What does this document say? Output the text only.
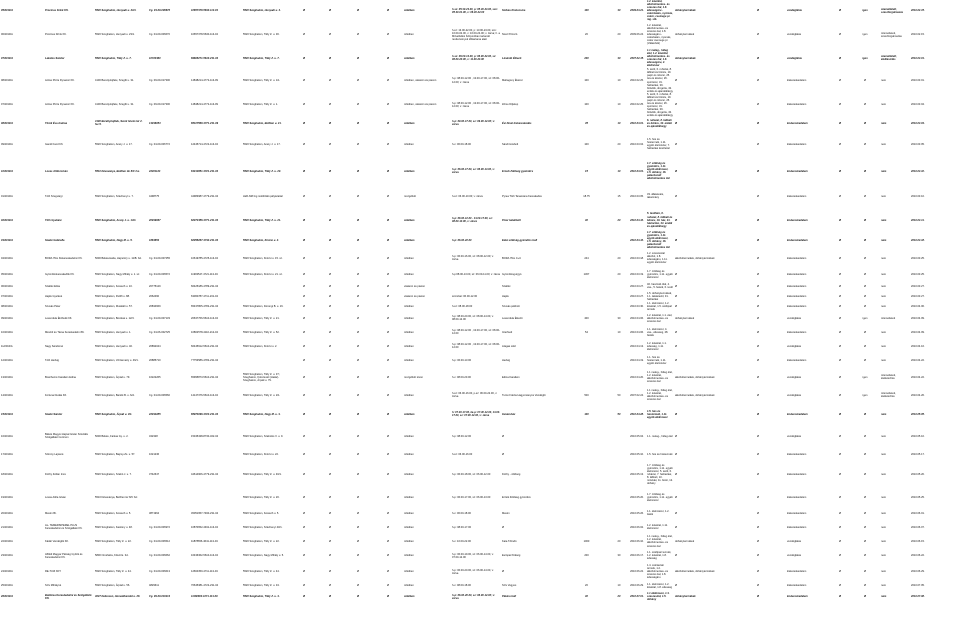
05/2010/A	Procinus Drink Kft.	5520 Szeghalom, Hunyadi u. 23/1.	Cg. 04-09-006670	10657378-5630-113-04	5520 Szeghalom, Hunyadi u. 4.	Ø	Ø	Ø	Ø	üzletben	h-sz: 05.30-23.00, p: 05.30-24.00, szo: 05.30-01.00, v: 06.30-22.00	Szilvás Kisbocsma	100	30	2009.03.21.	1.2. kávéital, alkoholmentes- és szeszes ital, 1.8. édességáru - cukorkaáru, nyomás, cukor, csemege pr. rág. stb.	dohánytermékek	Ø	vendéglátás	Ø	igen	üzemeltetett, szeszforgalmazás	2010.02.15.
06/2010/A	Procinus Drink Kft.	5520 Szeghalom, Hunyadi u. 23/1.	Cg. 04-09-006670	10657378-5630-113-04	5520 Szeghalom, Tildy Z. u. 30.	Ø	Ø	Ø	Ø	üzletben	h-sz: 13.00-22.00, p: 13.00-24.00, szo: 16.00-02.00, v: 16.00-24.00; v. zárva; h. a Művelődési Központban tartandó rendezvények időtartama alatt	Nosz Prinszó	20	20	2009.06.24.	1.2. kávéital, alkoholmentes- és szeszes ital, 1.8. édességáru - cukorkaáru, nyomás, cukor csemege pr. (Választék)	dohánytermékek	Ø	vendéglátás	Ø	igen	üzemeltetett, szeszforgalmazás	2010.02.15.
07/2010/A	Lakatos Sándor	5520 Szeghalom, Tildy Z. u. 7.	10720460	69608271-5610-231-04	5520 Szeghalom, Tildy Z. u. 7.	Ø	Ø	Ø	Ø	üzletben	h-sz: 06.00-14.00, p: 06.00-22.00, sz: 06.00-20.00, v: 11.00-24.00	Lénárdó Étkező	200	30	2007.02.15.	1.1 meleg-, hideg étel, 1.2. kávéital, alkoholmentes- és szeszes ital, 1.8. édességáru, 2. élelmiszer	dohánytermékek	Ø	vendéglátás	Ø	igen	üzemeltetett, ételkészítés	2010.03.01.
08/2010/A	Active Pizza Dynamic Kft.	4100 Berettyóújfalu, Szegfű u. 31.	Cg. 09-09-017300	14848214-4772-113-09	5520 Szeghalom, Tildy Z. u. 1/1.	Ø	Ø	Ø	Ø	üzletben, vásáron és piacon	h-p: 08.00-12.00 , 13.00-17.00, sz: 08.00-12.00; v: zárva	Mahagony Ékszer	100	10	2010.02.25.	5. textil, 6. ruházat, 8. lábbeli és bőráru, 19. papír és írószer, 25. óra és ékszer, 26. sportszer, 31. háztartási, 39. fotócikk, drogéria, 43. emlék és ajándéktárgy	Ø	Ø	kiskereskedelem	Ø	Ø	nem	2010.03.01.
07/2010/A	Active Pizza Dynamic Kft.	4100 Berettyóújfalu, Szegfű u. 31.	Cg. 09-09-017300	14848214-4772-113-09	5520 Szeghalom, Tildy Z. u. 1.	Ø	Ø	Ø	Ø	üzletben, vásáron és piacon	h-p: 08.00-12.00 , 13.00-17.00, sz: 08.00-12.00; v: zárva	Zöme Díjtelep	100	10	2010.02.25.	5. textil, 6. ruházat, 8. lábbeli és bőráru, 19. papír és írószer, 25. óra és ékszer, 26. sportszer, 31. háztartási, 39. fotócikk, drogéria, 43. emlék és ajándéktárgy	Ø	Ø	kiskereskedelem	Ø	Ø	nem	2010.03.04.
08/2010/A	Török Éva Andrea	4100 Berettyóújfalu, Szent István tér 2. fsz.5.	13036054	65107568-4771-231-09	5520 Szeghalom, Bethlen u. 21.	Ø	Ø	Ø	Ø	üzletben	h-p: 09.00-17.00, sz: 09.00-12.00; v: zárva	Évi Divat kiskereskedés	35	10	2010.03.01.	6. ruházat, 8. lábbeli és bőráru, 43. emlék és ajándéktárgy	Ø	Ø	kiskereskedelem	Ø	Ø	nem	2010.03.04.
09/2010/A	Gandi Food Kft.	5520 Szeghalom, Arany J. u. 17.	Cg. 04-09-006772	12445714-4722-113-04	5520 Szeghalom, Arany J. u. 17.	Ø	Ø	Ø	Ø	üzletben	h-v: 06.00-18.00	Sándi Húsbolt	100	20	2010.03.04.	1.5. hús és hústermék, 1.11. egyéb élelmiszer, 7. háztartási készlettel	Ø	Ø	kiskereskedelem	Ø	Ø	nem	2010.03.05.
10/2010/A	Lovas Attila István	5510 Dévaványa, Bethlen tér 8/C fsz.	22201124	63013851-4721-231-04	5520 Szeghalom, Tildy Z. u. 20.	Ø	Ø	Ø	Ø	üzletben	h-p: 06.00-17.00, sz: 06.00-13.00, v: zárva	Erzsik Zöldség gyümölcs	15	10	2010.03.01.	1.7. zöldség és gyümölcs, 1.11. egyéb élelmiszer, 1.5. dohány, 16. palackozott alkoholmentes ital	Ø	Ø	kiskereskedelem	Ø	Ø	nem	2010.03.10.
01/2010/A	Tóth Szegvárgi	5520 Szeghalom, Széchenyi u. 7.	4498775	44983987-4779-231-04	LER-NM fog mobilizáló pályázattal	Ø	Ø	Ø	Ø	mozgóbolt	h-sz: 06.00-10.00; v: zárva	Pyrea Tóth Tanamána Kereskedés	18.75	15	2010.03.05.	33. állatetetés, takarmány	Ø	Ø	kiskereskedelem	Ø	Ø	nem	2010.03.10.
02/2010/A	Tóth Gyuláné	5520 Szeghalom, Arany J. u. 13/1.	20939067	62073456-4771-231-04	5520 Szeghalom, Tildy Z. u. 21.	Ø	Ø	Ø	Ø	üzletben	h-p: 08.00-12.00 - 13.00-17.00, sz: 08.00-12.00, v: zárva	Pixor kabátbolt	40	20	2010.03.10.	5. textilárú, 6. ruházat, 8. lábbeli és bőráru, 19. ház, 31. háztartási, 43. emlék és ajándéktárgy	Ø	Ø	kiskereskedelem	Ø	Ø	nem	2010.03.11.
03/2010/A	Szabó Gabriella	5520 Szeghalom, Nagy M. u. 5.	1664653	62058267-4742-231-04	5520 Szeghalom, Kinizsi u. 2.	Ø	Ø	Ø	Ø	üzletben	h-p: 06.00-22.00	Eden zöldség-gyümölcs bolt			2010.03.10.	1.7. zöldség és gyümölcs, 1.11. egyéb élelmiszer, 1.5. dohány, 16. palackozott alkoholmentes ital	Ø	Ø	kiskereskedelem	Ø	Ø	nem	2010.03.18.
04/2010/A	BORA ITAL Kiskereskedelmi Kft.	5600 Békéscsaba, Hajnóczy u. 11/B. fsz.	Cg. 04-09-007255	10619785-4725-113-04	5520 Szeghalom, Kinizsi u. 15. sz.	Ø	Ø	Ø	Ø	üzletben	h-p: 06.00-16.00, sz: 08.00-12.00; v: zárva	BORA ITAL C+C	244	20	2010.03.18.	1.2. szeszesital alkohol, 1.8. édességáru, 1.11. egyéb élelmiszer	alkoholtermékek, dohánytermékek	Ø	kiskereskedelem	Ø	Ø	nem	2010.03.25.
05/2010/A	Gyümölcskereskedők Kft.	5520 Szeghalom, Nagy Mihály u. 1. sz.	Cg. 04-09-006572	11993547-4721-113-04	5520 Szeghalom, Kinizsi u. 21. sz.	Ø	Ø	Ø	Ø	üzletben	h-p:08.00-13.00, sz: 06.00-11.00; v: zárva	Gyümölcsgurgyó	1307	20	2010.03.19.	1.7. zöldség és gyümölcs, 1.11. egyéb élelmiszer	Ø	Ø	kiskereskedelem	Ø	Ø	nem	2010.03.25.
06/2010/A	Szalóki Erika	5520 Szeghalom, Kossuth u. 10.	20775129	66425186-4789-231-04		Ø	Ø	Ø	Ø	vásáron és piacon		Szalóki			2010.03.27.	46. használt cikk, 4. vas-, 5. festék, 6. textil	Ø	Ø	kiskereskedelem	Ø	Ø	nem	2010.03.27.
07/2010/A	Hajdu Gyuláné	5520 Szeghalom, Pet0fi u. 88.	2062460	63060787-4711-231-04		Ø	Ø	Ø	Ø	vásáron és piacon	szombat: 06.00-12.00	Hajdu			2010.03.27.	1.5. dohánytermékek, 1.1. lakástextil, 31. háztartási	Ø	Ø	kiskereskedelem	Ø	Ø	nem	2010.03.27.
08/2010/A	Szuvás Péter	5520 Szeghalom, Muskátli u. 57.	20834669	65437805-4782-231-04	5520 Szeghalom, Dorongi B. u. 16.	Ø	Ø	Ø	Ø	üzletben	h-sz: 08.00-18.00	Szuvás pékbolt			2010.03.30.	1.1. élelmiszer, 1.2. kávéital, 1.5. sütőipari termék	Ø	Ø	kiskereskedelem	Ø	Ø	nem	2010.04.06.
09/2010/A	Levendula Ékzbutik Kft.	5520 Szeghalom, Bocskai u. 12/3.	Cg. 04-09-007133	20637766-5610-113-04	5520 Szeghalom, Tildy Z. u. 21.	Ø	Ø	Ø	Ø	üzletben	h-p: 08.00-20.00, sz: 08.00-14.00, v: 08.00-12.00	Levendula Étkező	400	30	2010.04.06.	1.2. kávéital, 1.1. étel, alkoholmentes- és szeszes ital	dohánytermékek	Ø	vendéglátás	Ø	igen	üzemeltetett	2010.04.09.
10/2010/A	Mészöl és Társa Kereskedelmi Bt.	5520 Szeghalom, Hunyadi u. 1.	Cg. 04-06-002725	10802578-4110-212-04	5520 Szeghalom, Tildy Z. u. 52.	Ø	Ø	Ø	Ø	üzletben	h-p: 08.00-12.00 , 13.00-17.00, sz: 08.00-12.00	Interfood	54	10	2010.04.06.	1.1. élelmiszer, 4. vas-, édesség, 28. festék	Ø	Ø	kiskereskedelem	Ø	Ø	nem	2010.04.09.
11/2010/A	Nagy Sándorné	5520 Szeghalom, Hunyadi u. 40.	20892044	66445912-5610-231-04	5520 Szeghalom, Kinizsi u. 2.	Ø	Ø	Ø	Ø	üzletben	h-p: 08.00-12.00 , 13.00-17.00, sz: 08.00-12.00	Lilagas sütő			2010.04.13.	1.2. kávéital, 1.1. édesség, 1.11. élelmiszer	Ø	Ø	vendéglátás	Ø	Ø	nem	2010.04.16.
12/2010/A	Tóth Hedvig	5520 Szeghalom, Vörösmarty u. 46/1.	20885710	77753586-4782-231-04		Ø	Ø	Ø	Ø	üzletben	h-p: 06.00-13.00	Hedvig			2010.04.19.	1.1. hús és hústermék, 1.11. egyéb élelmiszer	Ø	Ø	kiskereskedelem	Ø	Ø	nem	2010.04.22.
13/2010/A	Breicherné Karatlein Edina	5520 Szeghalom, Árpád u. 79.	16222265	65995873-5610-231-04	5520 Szeghalom, Tildy Z. u. 37.; Szeghalom, Kolozsvári (Határ)-Szeghalom, Árpád u. 79.	Ø	Ø	Ø	Ø	mozgóbolt útvon	h-v: 08.00-20.00	Edina Karatlein			2010.04.20.	1.1 meleg-, hideg étel, 1.2. kávéital, alkoholmentes- és szeszes ital	alkoholtermékek, dohánytermékek	Ø	vendéglátás	Ø	igen	üzemeltetett, ételkészítés	2010.04.22.
14/2010/A	Fortuna Dudás Kft.	5520 Szeghalom, Bartók B. u. 6/A.	Cg. 04-09-006560	14147376-5610-113-04	5520 Szeghalom, Tildy Z. u. 2/1.	Ø	Ø	Ø	Ø	üzletben	h-sz: 06.00-16.00, p-sz: 06.00-22.00, v: zárva	Turné Fokrta Hagyományos Vendéglő	500	50	2007.02.24.	1.1 meleg-, hideg étel, 1.2. kávéital, alkoholmentes- és szeszes ital	alkoholtermékek, dohánytermékek	Ø	vendéglátás	Ø	igen	üzemeltetett, ételkészítés	2010.04.26.
15/2010/A	Szabó Sándor	5520 Szeghalom, Árpád u. 3/1.	22032285	65974096-4722-231-04	5520 Szeghalom, Nagy M. u. 3.	Ø	Ø	Ø	Ø	üzletben	h: 07.30-17.00, ke-p: 07.30-12.00, 13.00-17.00, sz: 07.00-12.00, v: zárva	Húsáruház	100	50	2010.04.28.	1.5. hús és hústermék, 1.11. egyéb élelmiszer	Ø	Ø	kiskereskedelem	Ø	Ø	nem	2010.05.05.
16/2010/A	Békés Megyei Hajnal István Szociális Szolgáltató Centrum	5600 Békés, Farkas Gy. u. 2.	342328	15345438-8730-322-04	5520 Szeghalom, Szabolcs V. u. 9.	Ø	Ø	Ø	Ø	üzletben	h-p: 08.00-12.00	Ø			2010.05.04.	1.1. meleg-, hideg étel	Ø	Ø	vendéglátás	Ø	Ø	nem	2010.05.10.
17/2010/A	Szirony Lajosné	5520 Szeghalom, Bajcsy-Zs. u. 57.	1621236		5520 Szeghalom, Kinizsi u. 22.	Ø	Ø	Ø	Ø	üzletben	h-sz: 06.00-16.00	Ø			2010.05.10.	1.5. hús és hústermék	Ø	Ø	kiskereskedelem	Ø	Ø	nem	2010.05.17.
18/2010/A	Füzby Zoltán Imre	5520 Szeghalom, Szabó J. u. 7.	3742647	44614906-4779-231-04	5520 Szeghalom, Tildy Z. u. 46/1.	Ø	Ø	Ø	Ø	üzletben	h-p: 06.00-18.00, sz: 06.00-12.00	Füzby - zöldség			2010.05.13.	1.7. zöldség és gyümölcs, 1.11. egyéb élelmiszer, 5. textil, 6. ruházat, 7. háztartási, 8. lábbeli, 10. műszaki, 11. bútor, 12. dohány	Ø	Ø	kiskereskedelem	Ø	Ø	nem	2010.05.20.
19/2010/A	Lovas Attila István	5510 Dévaványa, Bethlen tér 8/C fsz.			5520 Szeghalom, Tildy Z. u. 20.	Ø	Ø	Ø	Ø	üzletben	h-p: 06.00-17.00, sz: 06.00-13.00	Erzsik Zöldség gyümölcs			2010.05.20.	1.7. zöldség és gyümölcs, 1.11. egyéb élelmiszer	Ø	Ø	kiskereskedelem	Ø	Ø	nem	2010.05.25.
20/2010/A	Maxim Bt.	5520 Szeghalom, Kossuth u. 5.	3871964	45051957-7490-231-04	5520 Szeghalom, Kossuth u. 5.	Ø	Ø	Ø	Ø	üzletben	h-v: 06.00-18.00	Maxim			2010.05.26.	1.1. élelmiszer, 1.2. italok	Ø	Ø	kiskereskedelem	Ø	Ø	nem	2010.06.01.
21/2010/A	AL- TEMERSIPEREL PLUS Kereskedelmi és Szolgáltató Kft.	5520 Szeghalom, Kastóny u. 48.	Cg. 04-09-006972	10870652-4941-113-04	5520 Szeghalom, Széchenyi 43/1.	Ø	Ø	Ø	Ø	üzletben	h-p: 08.00-17.00	Ø			2010.06.02.	1.2. kávéital, 1.11. élelmiszer	Ø	Ø	kiskereskedelem	Ø	Ø	nem	2010.06.07.
22/2010/A	Kádár Vendéglői Kft.	5520 Szeghalom, Tildy Z. u. 22.	Cg. 04-09-006512	11878656-4641-113-04	5520 Szeghalom, Tildy Z. u. 22.	Ø	Ø	Ø	Ø	üzletben	h-v: 10.00-22.00	Kata Tőzsdó	1000	20	2010.06.10.	1.1 meleg-, hideg étel, 1.2. kávéital, alkoholmentes- és szeszes ital	dohánytermékek	Ø	vendéglátás	Ø	Ø	nem	2010.06.15.
23/2010/A	Alföldi Magyar Pékség Győrik és Kereskedelmi Kft.	5800 Orosháza, Kötvö E. fsz.	Cg. 04-09-006662	16436362-5610-113-04	5520 Szeghalom, Nagy Mihály u. 5.	Ø	Ø	Ø	Ø	üzletben	h-p: 06.00-19.00, sz: 06.00-14.00, v: 07.00-12.00	Európai Pékség	200	30	2010.06.17.	1.1. sütőipari termék, 1.2. kávéital, 1.8. édesség	Ø	Ø	vendéglátás	Ø	Ø	nem	2010.06.22.
24/2010/A	RE-TUIZ KFT.	5520 Szeghalom, Tildy Z. u. 44.	Cg. 04-09-006613	12664350-4711-113-04	5520 Szeghalom, Tildy Z. u. 44.	Ø	Ø	Ø	Ø	üzletben	h-p: 06.00-20.00, sz: 06.00-14.00, v: zárva	Ø			2010.06.22.	1.4. cukrászati termék, 1.2. alkoholmentes- és szeszes ital, 1.8. édességáru	alkoholtermékek, dohánytermékek	Ø	kiskereskedelem	Ø	Ø	nem	2010.06.29.
25/2010/A	Szív Mihályné	5520 Szeghalom, Árpád u. 56.	4829611	76645381-4722-231-04	5520 Szeghalom, Tildy Z. u. 34.	Ø	Ø	Ø	Ø	üzletben	h-v: 08.00-18.00	Szív Vegyes	20	10	2010.06.29.	1.1. élelmiszer, 1.2. kávéital, 1.8. édesség	Ø	Ø	kiskereskedelem	Ø	Ø	nem	2010.07.05.
26/2010/A	Boldizsa Kereskedelmi és Szolgáltató Kft.	4027 Debrecen, Honvédkerület u. 28.	Cg. 09-09-016314	11160800-1071-113-09	5520 Szeghalom, Tildy Z. u. 4.	Ø	Ø	Ø	Ø	üzletben	h-p: 06.00-20.00, sz: 06.00-12.00; v: zárva	Pékáru bolt	40	20	2010.07.01.	1.1 élelmiszer, 1.3. szeszesital, 1.5. dohány	dohánytermékek	Ø	kiskereskedelem	Ø	Ø	nem	2010.07.08.
